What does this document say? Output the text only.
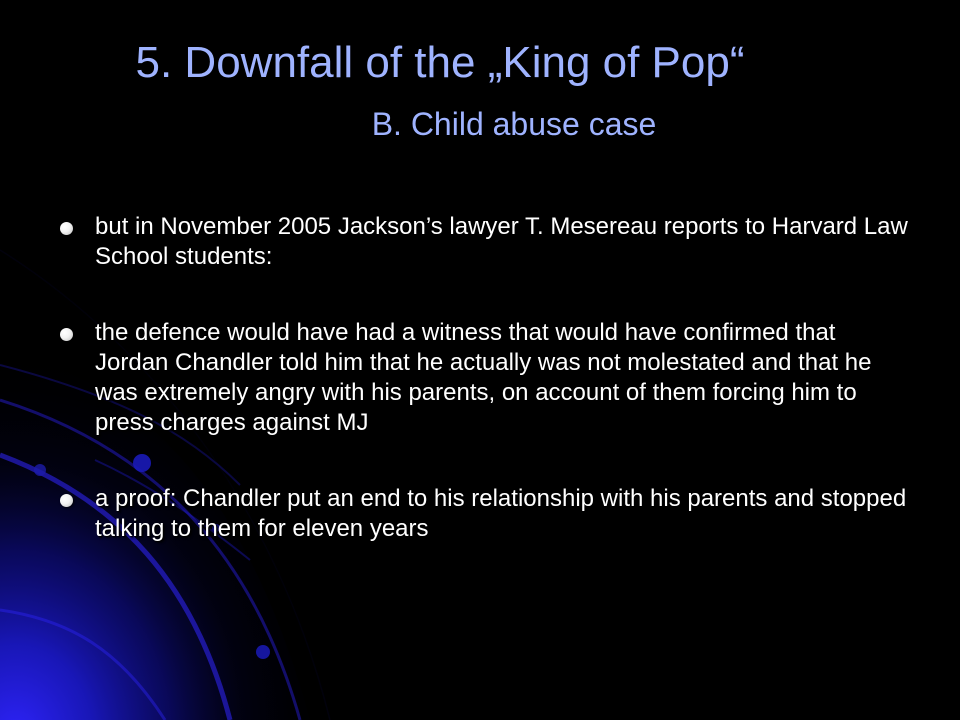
5. Downfall of the „King of Pop“
B. Child abuse case
but in November 2005 Jackson’s lawyer T. Mesereau reports to Harvard Law School students:
the defence would have had a witness that would have confirmed that Jordan Chandler told him that he actually was not molestated and that he was extremely angry with his parents, on account of them forcing him to press charges against MJ
a proof: Chandler put an end to his relationship with his parents and stopped talking to them for eleven years
